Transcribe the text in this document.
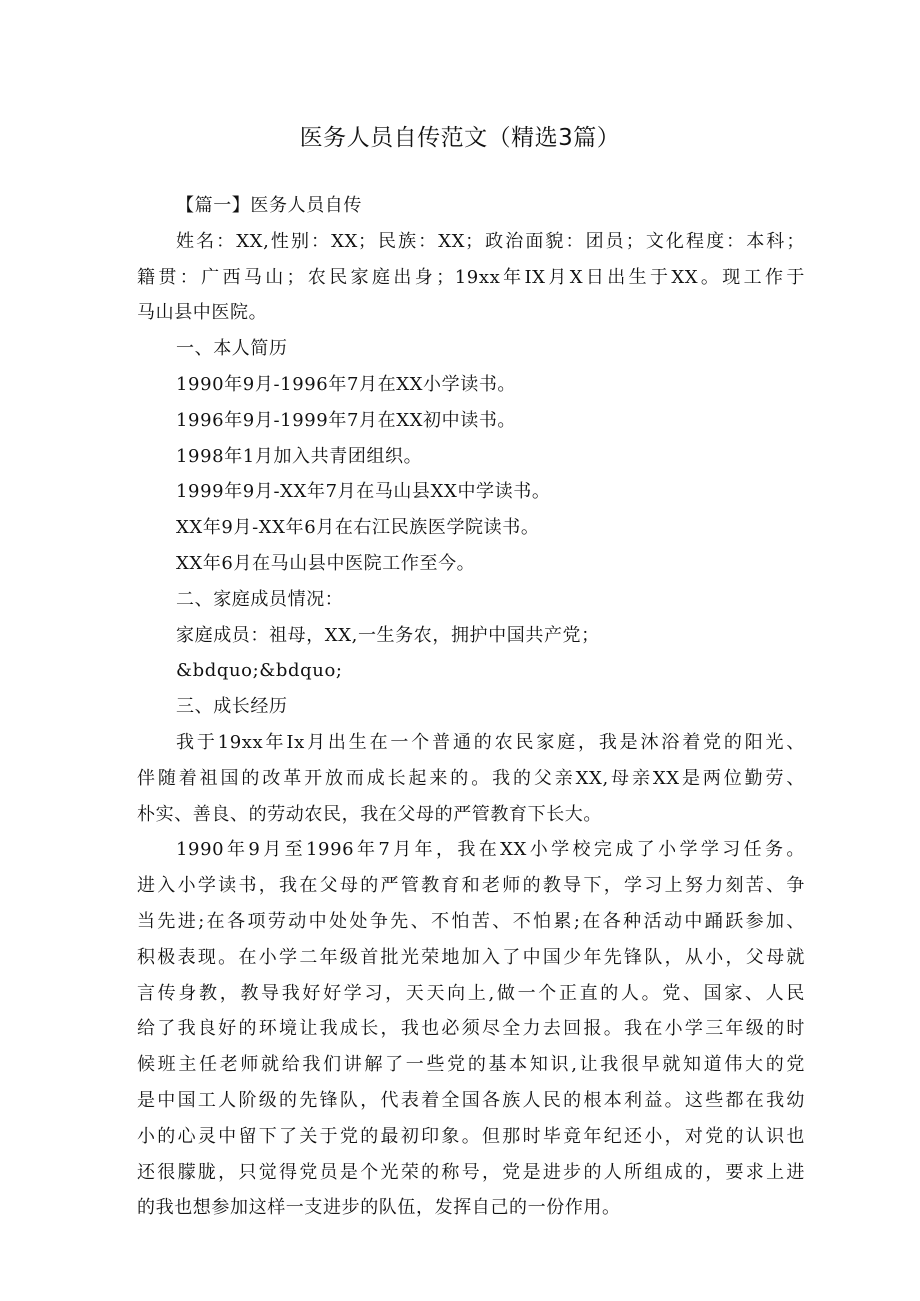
医务人员自传范文（精选3篇）
【篇一】医务人员自传
姓名：XX,性别：XX；民族：XX；政治面貌：团员；文化程度：本科；
籍贯：广西马山；农民家庭出身；19xx年IX月X日出生于XX。现工作于
马山县中医院。
一、本人简历
1990年9月-1996年7月在XX小学读书。
1996年9月-1999年7月在XX初中读书。
1998年1月加入共青团组织。
1999年9月-XX年7月在马山县XX中学读书。
XX年9月-XX年6月在右江民族医学院读书。
XX年6月在马山县中医院工作至今。
二、家庭成员情况：
家庭成员：祖母，XX,一生务农，拥护中国共产党；
&bdquo;&bdquo;
三、成长经历
我于19xx年Ix月出生在一个普通的农民家庭，我是沐浴着党的阳光、
伴随着祖国的改革开放而成长起来的。我的父亲XX,母亲XX是两位勤劳、
朴实、善良、的劳动农民，我在父母的严管教育下长大。
1990年9月至1996年7月年，我在XX小学校完成了小学学习任务。
进入小学读书，我在父母的严管教育和老师的教导下，学习上努力刻苦、争
当先进;在各项劳动中处处争先、不怕苦、不怕累;在各种活动中踊跃参加、
积极表现。在小学二年级首批光荣地加入了中国少年先锋队，从小，父母就
言传身教，教导我好好学习，天天向上,做一个正直的人。党、国家、人民
给了我良好的环境让我成长，我也必须尽全力去回报。我在小学三年级的时
候班主任老师就给我们讲解了一些党的基本知识,让我很早就知道伟大的党
是中国工人阶级的先锋队，代表着全国各族人民的根本利益。这些都在我幼
小的心灵中留下了关于党的最初印象。但那时毕竟年纪还小，对党的认识也
还很朦胧，只觉得党员是个光荣的称号，党是进步的人所组成的，要求上进
的我也想参加这样一支进步的队伍，发挥自己的一份作用。
